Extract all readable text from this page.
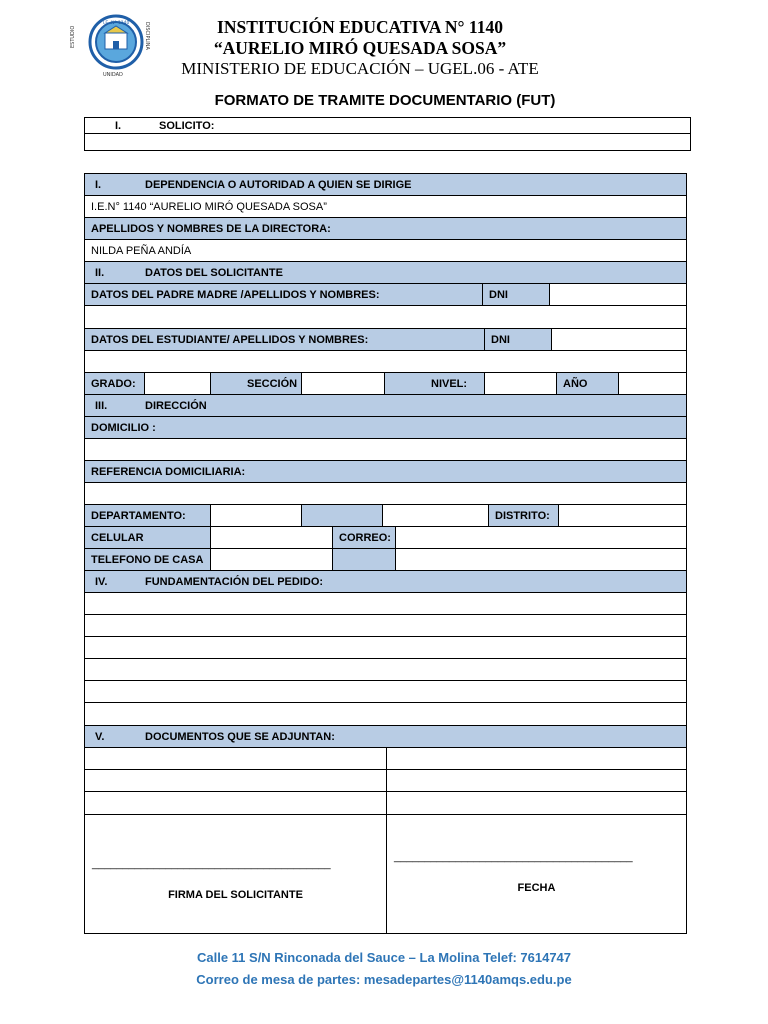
I.E. Nº 1140
ESTUDIO	DISCIPLINA
UNIDAD
INSTITUCIÓN EDUCATIVA N° 1140
“AURELIO MIRÓ QUESADA SOSA”
MINISTERIO DE EDUCACIÓN – UGEL.06 - ATE
FORMATO DE TRAMITE DOCUMENTARIO (FUT)
I.	SOLICITO:
I.	DEPENDENCIA O AUTORIDAD A QUIEN SE DIRIGE
I.E.N° 1140 “AURELIO MIRÓ QUESADA SOSA”
APELLIDOS Y NOMBRES DE LA DIRECTORA:
NILDA PEÑA ANDÍA
II.	DATOS DEL SOLICITANTE
DATOS DEL PADRE MADRE /APELLIDOS Y NOMBRES:	DNI
DATOS DEL ESTUDIANTE/ APELLIDOS Y NOMBRES:	DNI
GRADO:	SECCIÓN	NIVEL:	AÑO
III.	DIRECCIÓN
DOMICILIO :
REFERENCIA DOMICILIARIA:
DEPARTAMENTO:	DISTRITO:
CELULAR	CORREO:
TELEFONO DE CASA
IV.	FUNDAMENTACIÓN DEL PEDIDO:
V.	DOCUMENTOS QUE SE ADJUNTAN:
_______________________________________
FIRMA DEL SOLICITANTE
_______________________________________
FECHA
Calle 11 S/N Rinconada del Sauce – La Molina Telef: 7614747
Correo de mesa de partes: mesadepartes@1140amqs.edu.pe
